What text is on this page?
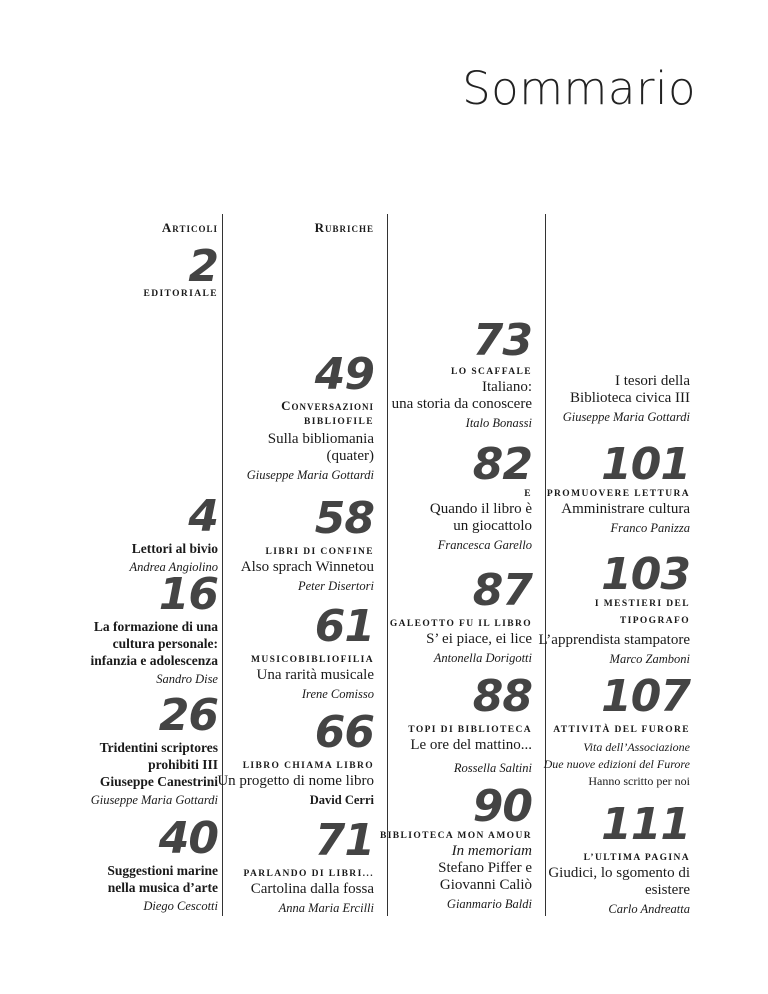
Sommario
Articoli	Rubriche
2
EDITORIALE
4
Lettori al bivio
Andrea Angiolino
16
La formazione di una
cultura personale:
infanzia e adolescenza
Sandro Dise
26
Tridentini scriptores
prohibiti III
Giuseppe Canestrini
Giuseppe Maria Gottardi
40
Suggestioni marine
nella musica d’arte
Diego Cescotti
49
Conversazioni
BIBLIOFILE
Sulla bibliomania
(quater)
Giuseppe Maria Gottardi
58
LIBRI DI CONFINE
Also sprach Winnetou
Peter Disertori
61
MUSICOBIBLIOFILIA
Una rarità musicale
Irene Comisso
66
LIBRO CHIAMA LIBRO
Un progetto di nome libro
David Cerri
71
PARLANDO DI LIBRI...
Cartolina dalla fossa
Anna Maria Ercilli
73
LO SCAFFALE
Italiano:
una storia da conoscere
Italo Bonassi
82
E
Quando il libro è
un giocattolo
Francesca Garello
87
GALEOTTO FU IL LIBRO
S’ ei piace, ei lice
Antonella Dorigotti
88
TOPI DI BIBLIOTECA
Le ore del mattino...
Rossella Saltini
90
BIBLIOTECA MON AMOUR
In memoriam
Stefano Piffer e
Giovanni Caliò
Gianmario Baldi
I tesori della
Biblioteca civica III
Giuseppe Maria Gottardi
101
PROMUOVERE LETTURA
Amministrare cultura
Franco Panizza
103
I MESTIERI DEL
TIPOGRAFO
L’apprendista stampatore
Marco Zamboni
107
ATTIVITÀ DEL FURORE
Vita dell’Associazione
Due nuove edizioni del Furore
Hanno scritto per noi
111
L’ULTIMA PAGINA
Giudici, lo sgomento di
esistere
Carlo Andreatta
